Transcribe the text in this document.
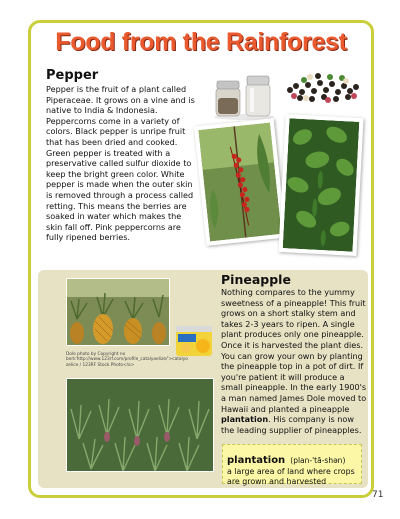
Food from the Rainforest
Pepper
Pepper is the fruit of a plant called Piperaceae. It grows on a vine and is native to India & Indonesia. Peppercorns come in a variety of colors. Black pepper is unripe fruit that has been dried and cooked. Green pepper is treated with a preservative called sulfur dioxide to keep the bright green color. White pepper is made when the outer skin is removed through a process called retting. This means the berries are soaked in water which makes the skin fall off. Pink peppercorns are fully ripened berries.
Dole photo by Copyright no berk'http://www.123rf.com/profile_catalyaelize/'>catalyo zelice / 123RF Stock Photo</a>
Pineapple
Nothing compares to the yummy sweetness of a pineapple! This fruit grows on a short stalky stem and takes 2-3 years to ripen. A single plant produces only one pineapple. Once it is harvested the plant dies. You can grow your own by planting the pineapple top in a pot of dirt. If you're patient it will produce a small pineapple. In the early 1900's a man named James Dole moved to Hawaii and planted a pineapple plantation. His company is now the leading supplier of pineapples.
plantation (plan-'tā-shən)
a large area of land where crops are grown and harvested
71
